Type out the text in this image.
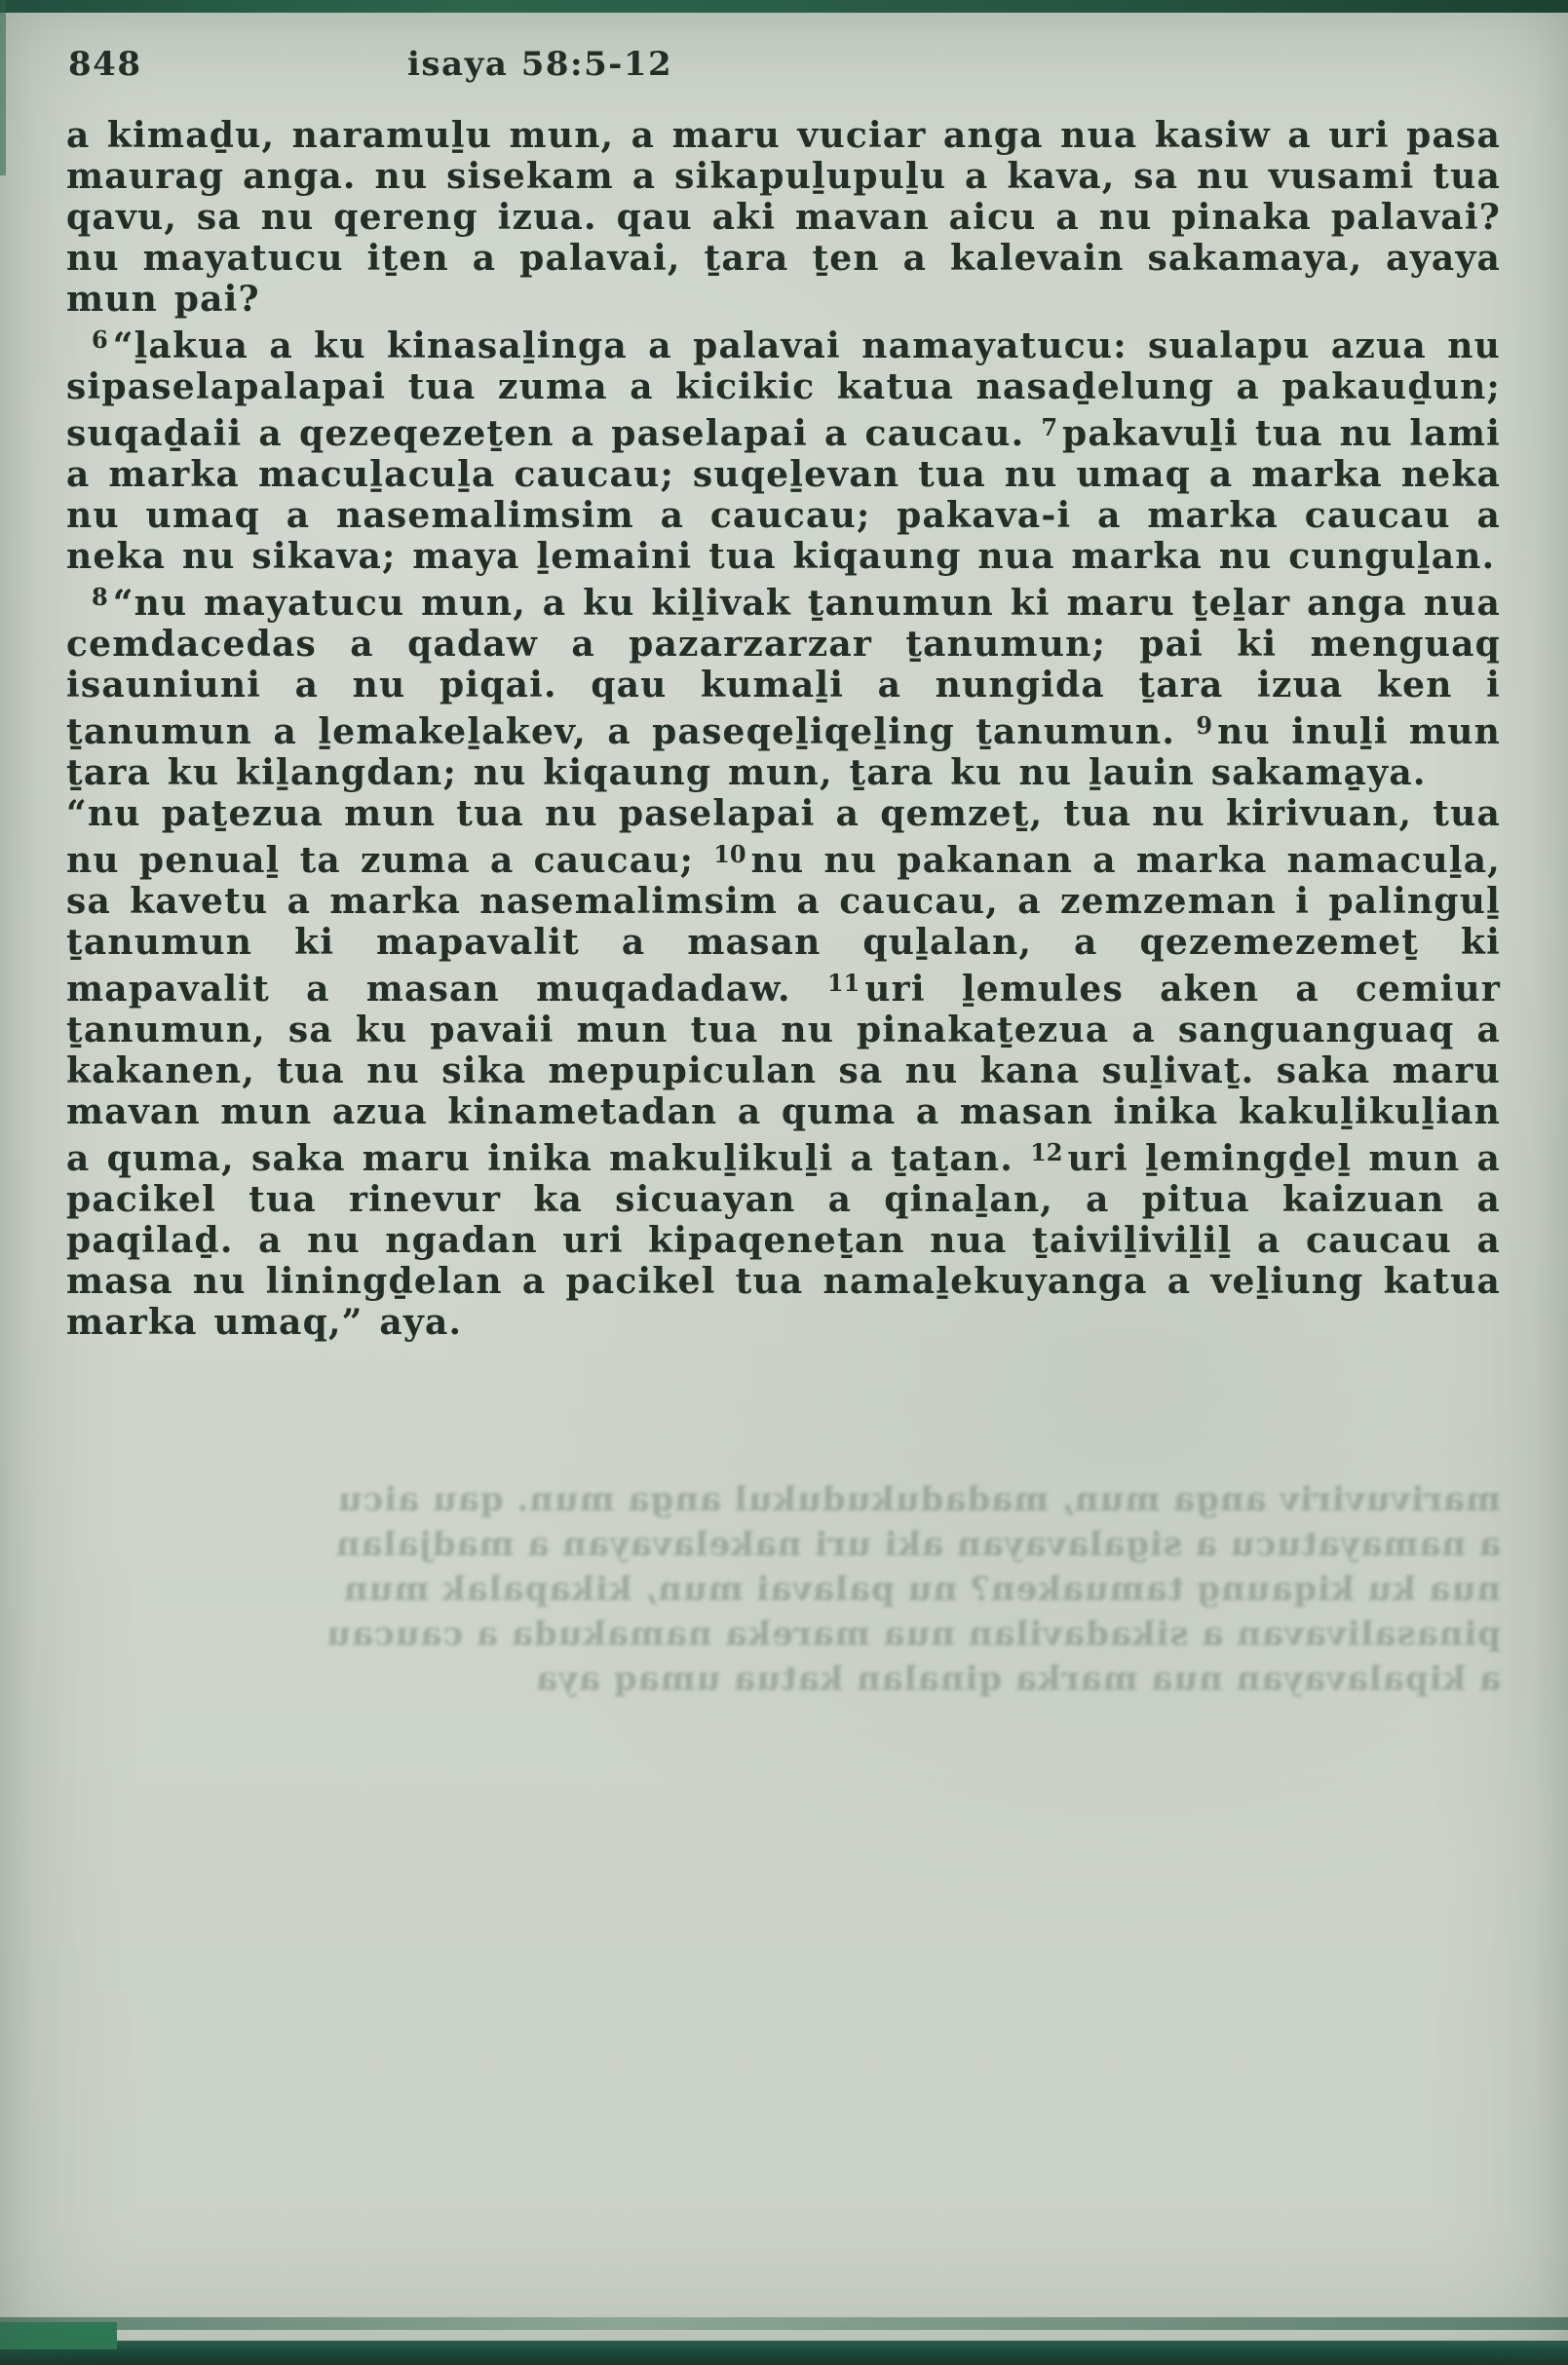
848	isaya 58:5-12

a kimaḏu, naramuḻu mun, a maru vuciar anga nua kasiw a uri pasa maurag anga. nu sisekam a sikapuḻupuḻu a kava, sa nu vusami tua qavu, sa nu qereng izua. qau aki mavan aicu a nu pinaka palavai? nu mayatucu iṯen a palavai, ṯara ṯen a kalevain sakamaya, ayaya mun pai?

$^6$ “ḻakua a ku kinasaḻinga a palavai namayatucu: sualapu azua nu sipaselapalapai tua zuma a kicikic katua nasaḏelung a pakauḏun; suqaḏaii a qezeqezeṯen a paselapai a caucau. $^7$ pakavuḻi tua nu lami a marka macuḻacuḻa caucau; suqeḻevan tua nu umaq a marka neka nu umaq a nasemalimsim a caucau; pakava-i a marka caucau a neka nu sikava; maya ḻemaini tua kiqaung nua marka nu cunguḻan.

$^8$ “nu mayatucu mun, a ku kiḻivak ṯanumun ki maru ṯeḻar anga nua cemdacedas a qadaw a pazarzarzar ṯanumun; pai ki menguaq isauniuni a nu piqai. qau kumaḻi a nungida ṯara izua ken i ṯanumun a ḻemakeḻakev, a paseqeḻiqeḻing ṯanumun. $^9$ nu inuḻi mun ṯara ku kiḻangdan; nu kiqaung mun, ṯara ku nu ḻauin sakama̱ya.

“nu paṯezua mun tua nu paselapai a qemzeṯ, tua nu kirivuan, tua nu penuaḻ ta zuma a caucau; $^{10}$ nu nu pakanan a marka namacuḻa, sa kavetu a marka nasemalimsim a caucau, a zemzeman i palinguḻ ṯanumun ki mapavalit a masan quḻalan, a qezemezemeṯ ki mapavalit a masan muqadadaw. $^{11}$ uri ḻemules aken a cemiur ṯanumun, sa ku pavaii mun tua nu pinakaṯezua a sanguanguaq a kakanen, tua nu sika mepupiculan sa nu kana suḻivaṯ. saka maru mavan mun azua kinametadan a quma a masan inika kakuḻikuḻian a quma, saka maru inika makuḻikuḻi a ṯaṯan. $^{12}$ uri ḻemingḏeḻ mun a pacikel tua rinevur ka sicuayan a qinaḻan, a pitua kaizuan a paqilaḏ. a nu ngadan uri kipaqeneṯan nua ṯaiviḻiviḻiḻ a caucau a masa nu liningḏelan a pacikel tua namaḻekuyanga a veḻiung katua marka umaq,” aya.

marivuviriv anga mun, madadukudukul anga mun. qau aicu
a namayatucu a sigalavayan aki uri nakelavayan a madjalan
nua ku kiqaung tamuaken? nu palavai mun, kikapalak mun
pinasalivavan a sikadavilan nua mareka namakuda a caucau
a kipalavayan nua marka qinalan katua umaq aya
